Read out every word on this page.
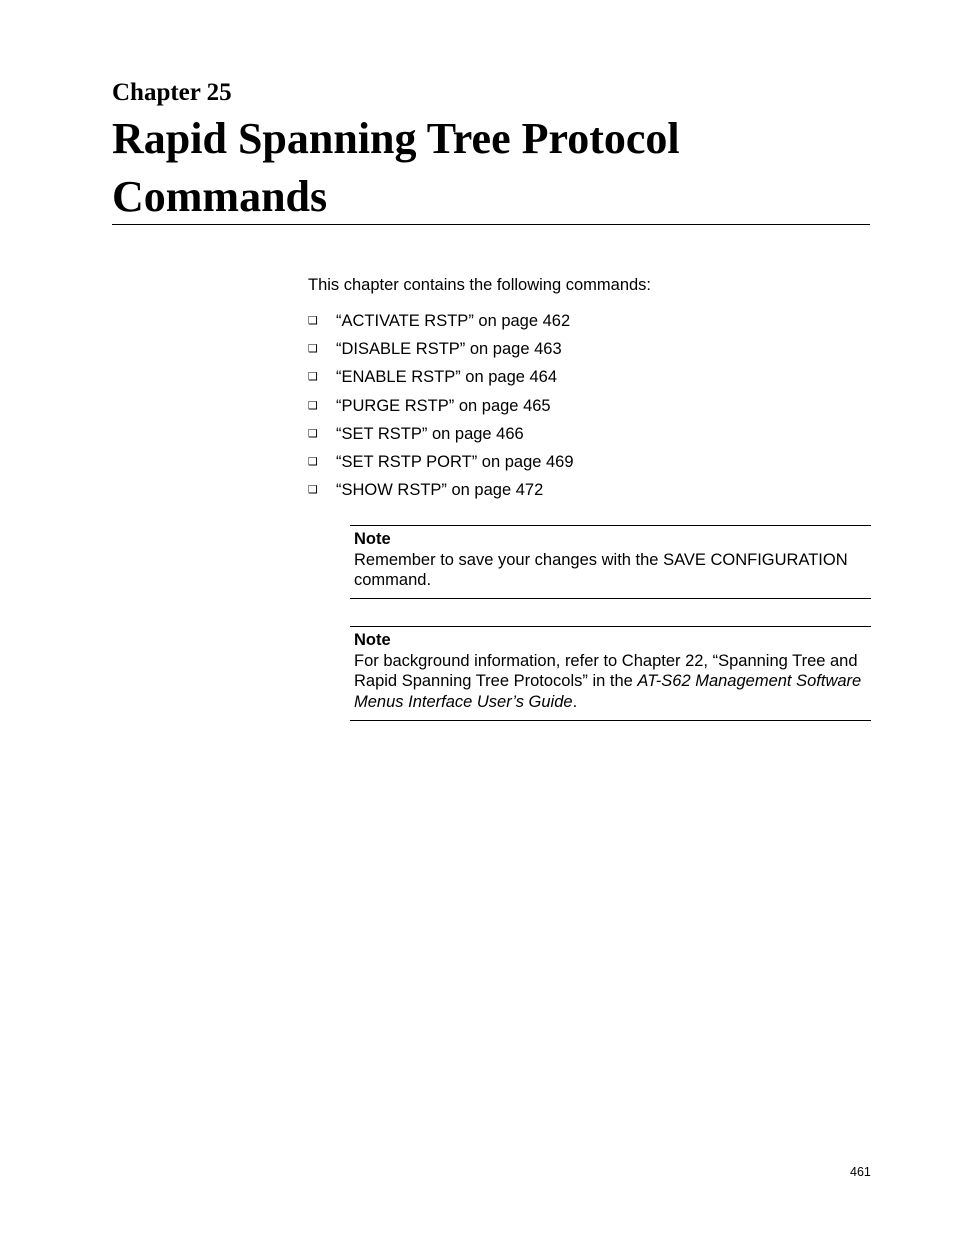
Chapter 25
Rapid Spanning Tree Protocol
Commands
This chapter contains the following commands:
❑	“ACTIVATE RSTP” on page 462
❑	“DISABLE RSTP” on page 463
❑	“ENABLE RSTP” on page 464
❑	“PURGE RSTP” on page 465
❑	“SET RSTP” on page 466
❑	“SET RSTP PORT” on page 469
❑	“SHOW RSTP” on page 472
Note
Remember to save your changes with the SAVE CONFIGURATION command.
Note
For background information, refer to Chapter 22, “Spanning Tree and Rapid Spanning Tree Protocols” in the AT-S62 Management Software Menus Interface User’s Guide.
461
